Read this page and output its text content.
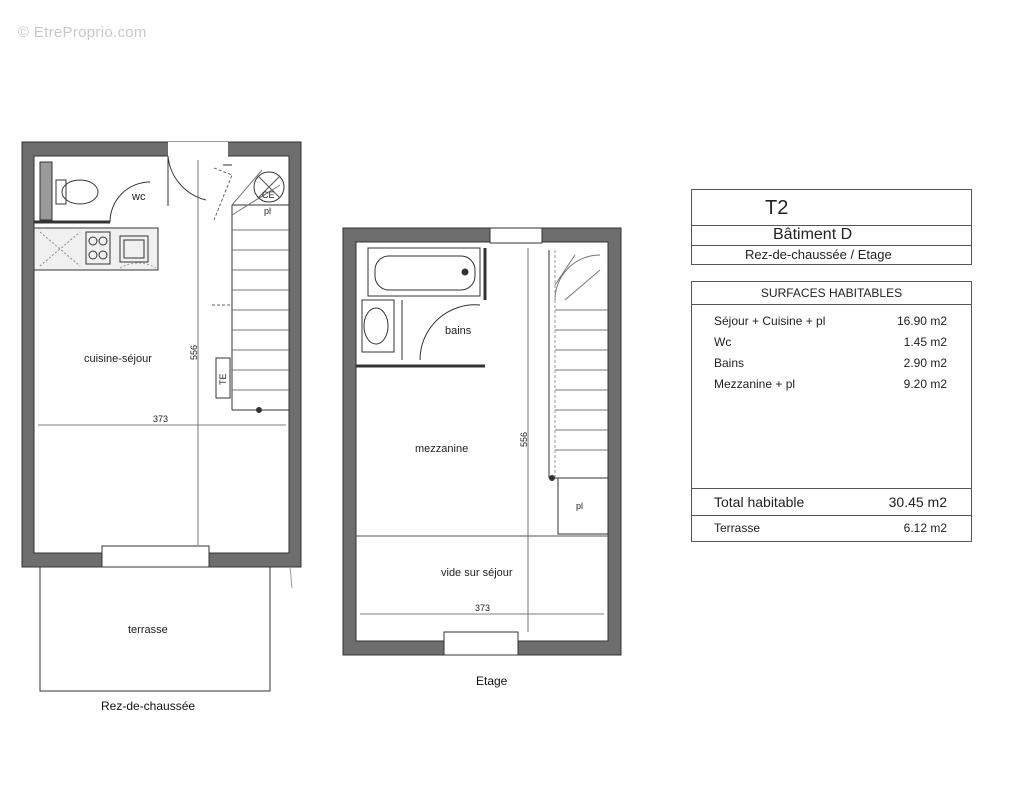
© EtreProprio.com
wc
cuisine-séjour
terrasse
CE
pl
TE
373
556
Rez-de-chaussée
bains
mezzanine
vide sur séjour
pl
373
556
Etage
T2
Bâtiment D
Rez-de-chaussée / Etage
SURFACES HABITABLES
Séjour + Cuisine + pl	16.90 m2
Wc	1.45 m2
Bains	2.90 m2
Mezzanine + pl	9.20 m2
Total habitable	30.45 m2
Terrasse	6.12 m2
